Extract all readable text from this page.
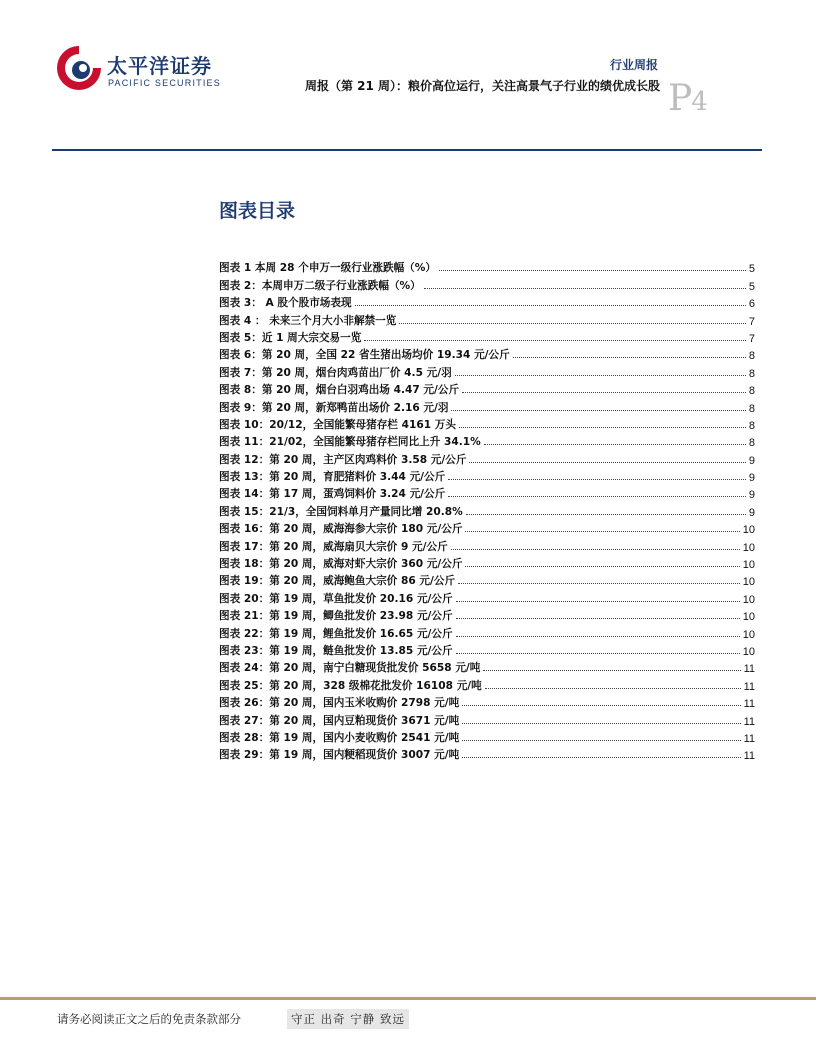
太平洋证券
PACIFIC SECURITIES
行业周报
周报（第 21 周）：粮价高位运行，关注高景气子行业的绩优成长股 P4
图表目录
图表 1 本周 28 个申万一级行业涨跌幅（%）	5
图表 2：本周申万二级子行业涨跌幅（%）	5
图表 3： A 股个股市场表现	6
图表 4 ： 未来三个月大小非解禁一览	7
图表 5：近 1 周大宗交易一览	7
图表 6：第 20 周，全国 22 省生猪出场均价 19.34 元/公斤	8
图表 7：第 20 周，烟台肉鸡苗出厂价 4.5 元/羽	8
图表 8：第 20 周，烟台白羽鸡出场 4.47 元/公斤	8
图表 9：第 20 周，新郑鸭苗出场价 2.16 元/羽	8
图表 10：20/12，全国能繁母猪存栏 4161 万头	8
图表 11：21/02，全国能繁母猪存栏同比上升 34.1%	8
图表 12：第 20 周，主产区肉鸡料价 3.58 元/公斤	9
图表 13：第 20 周，育肥猪料价 3.44 元/公斤	9
图表 14：第 17 周，蛋鸡饲料价 3.24 元/公斤	9
图表 15：21/3，全国饲料单月产量同比增 20.8%	9
图表 16：第 20 周，威海海参大宗价 180 元/公斤	10
图表 17：第 20 周，威海扇贝大宗价 9 元/公斤	10
图表 18：第 20 周，威海对虾大宗价 360 元/公斤	10
图表 19：第 20 周，威海鲍鱼大宗价 86 元/公斤	10
图表 20：第 19 周，草鱼批发价 20.16 元/公斤	10
图表 21：第 19 周，鲫鱼批发价 23.98 元/公斤	10
图表 22：第 19 周，鲤鱼批发价 16.65 元/公斤	10
图表 23：第 19 周，鲢鱼批发价 13.85 元/公斤	10
图表 24：第 20 周，南宁白糖现货批发价 5658 元/吨	11
图表 25：第 20 周，328 级棉花批发价 16108 元/吨	11
图表 26：第 20 周，国内玉米收购价 2798 元/吨	11
图表 27：第 20 周，国内豆粕现货价 3671 元/吨	11
图表 28：第 19 周，国内小麦收购价 2541 元/吨	11
图表 29：第 19 周，国内粳稻现货价 3007 元/吨	11
请务必阅读正文之后的免责条款部分	守正 出奇 宁静 致远
